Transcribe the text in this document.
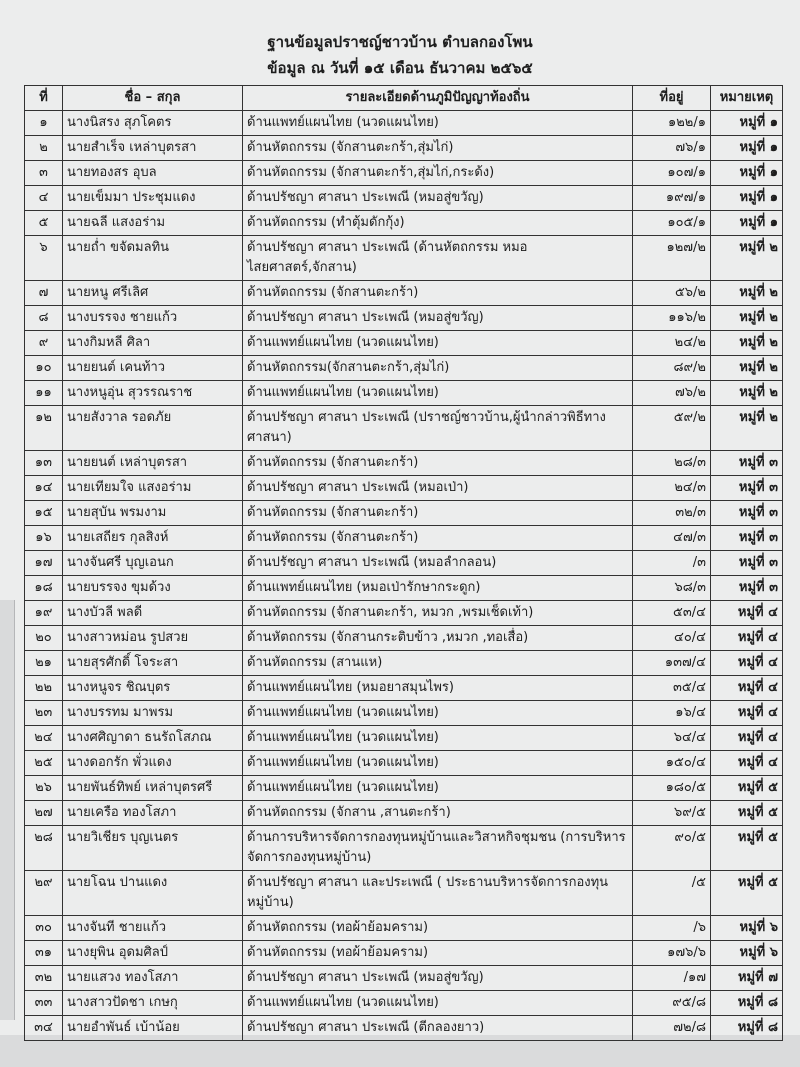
ฐานข้อมูลปราชญ์ชาวบ้าน ตำบลกองโพน
ข้อมูล ณ วันที่ ๑๕ เดือน ธันวาคม ๒๕๖๕
ที่	ชื่อ – สกุล	รายละเอียดด้านภูมิปัญญาท้องถิ่น	ที่อยู่	หมายเหตุ
๑	นางนิสรง สุภโคตร	ด้านแพทย์แผนไทย (นวดแผนไทย)	๑๒๒/๑	หมู่ที่ ๑
๒	นายสำเร็จ เหล่าบุตรสา	ด้านหัตถกรรม (จักสานตะกร้า,สุ่มไก่)	๗๖/๑	หมู่ที่ ๑
๓	นายทองสร อุบล	ด้านหัตถกรรม (จักสานตะกร้า,สุ่มไก่,กระด้ง)	๑๐๗/๑	หมู่ที่ ๑
๔	นายเข็มมา ประชุมแดง	ด้านปรัชญา ศาสนา ประเพณี (หมอสู่ขวัญ)	๑๙๗/๑	หมู่ที่ ๑
๕	นายฉลี แสงอร่าม	ด้านหัตถกรรม (ทำตุ้มดักกุ้ง)	๑๐๕/๑	หมู่ที่ ๑
๖	นายถ่ำ ขจัดมลทิน	ด้านปรัชญา ศาสนา ประเพณี (ด้านหัตถกรรม หมอไสยศาสตร์,จักสาน)	๑๒๗/๒	หมู่ที่ ๒
๗	นายหนู ศรีเลิศ	ด้านหัตถกรรม (จักสานตะกร้า)	๕๖/๒	หมู่ที่ ๒
๘	นางบรรจง ชายแก้ว	ด้านปรัชญา ศาสนา ประเพณี (หมอสู่ขวัญ)	๑๑๖/๒	หมู่ที่ ๒
๙	นางกิมหลี ศิลา	ด้านแพทย์แผนไทย (นวดแผนไทย)	๒๔/๒	หมู่ที่ ๒
๑๐	นายยนต์ เคนท้าว	ด้านหัตถกรรม(จักสานตะกร้า,สุ่มไก่)	๘๙/๒	หมู่ที่ ๒
๑๑	นางหนูอุ่น สุวรรณราช	ด้านแพทย์แผนไทย (นวดแผนไทย)	๗๖/๒	หมู่ที่ ๒
๑๒	นายสังวาล รอดภัย	ด้านปรัชญา ศาสนา ประเพณี (ปราชญ์ชาวบ้าน,ผู้นำกล่าวพิธีทางศาสนา)	๕๙/๒	หมู่ที่ ๒
๑๓	นายยนต์ เหล่าบุตรสา	ด้านหัตถกรรม (จักสานตะกร้า)	๒๘/๓	หมู่ที่ ๓
๑๔	นายเทียมใจ แสงอร่าม	ด้านปรัชญา ศาสนา ประเพณี (หมอเป่า)	๒๔/๓	หมู่ที่ ๓
๑๕	นายสุบัน พรมงาม	ด้านหัตถกรรม (จักสานตะกร้า)	๓๒/๓	หมู่ที่ ๓
๑๖	นายเสถียร กุลสิงห์	ด้านหัตถกรรม (จักสานตะกร้า)	๔๗/๓	หมู่ที่ ๓
๑๗	นางจันศรี บุญเอนก	ด้านปรัชญา ศาสนา ประเพณี (หมอลำกลอน)	/๓	หมู่ที่ ๓
๑๘	นายบรรจง ขุมด้วง	ด้านแพทย์แผนไทย (หมอเป่ารักษากระดูก)	๖๘/๓	หมู่ที่ ๓
๑๙	นางบัวลี พลดี	ด้านหัตถกรรม (จักสานตะกร้า, หมวก ,พรมเช็ดเท้า)	๕๓/๔	หมู่ที่ ๔
๒๐	นางสาวหม่อน รูปสวย	ด้านหัตถกรรม (จักสานกระติบข้าว ,หมวก ,ทอเสื่อ)	๔๐/๔	หมู่ที่ ๔
๒๑	นายสุรศักดิ์ โจระสา	ด้านหัตถกรรม (สานแห)	๑๓๗/๔	หมู่ที่ ๔
๒๒	นางหนูจร ชิณบุตร	ด้านแพทย์แผนไทย (หมอยาสมุนไพร)	๓๕/๔	หมู่ที่ ๔
๒๓	นางบรรทม มาพรม	ด้านแพทย์แผนไทย (นวดแผนไทย)	๑๖/๔	หมู่ที่ ๔
๒๔	นางศศิญาดา ธนรัถโสภณ	ด้านแพทย์แผนไทย (นวดแผนไทย)	๖๔/๔	หมู่ที่ ๔
๒๕	นางดอกรัก พั่วแดง	ด้านแพทย์แผนไทย (นวดแผนไทย)	๑๕๐/๔	หมู่ที่ ๔
๒๖	นายพันธ์ทิพย์ เหล่าบุตรศรี	ด้านแพทย์แผนไทย (นวดแผนไทย)	๑๘๐/๕	หมู่ที่ ๕
๒๗	นายเครือ ทองโสภา	ด้านหัตถกรรม (จักสาน ,สานตะกร้า)	๖๙/๕	หมู่ที่ ๕
๒๘	นายวิเชียร บุญเนตร	ด้านการบริหารจัดการกองทุนหมู่บ้านและวิสาหกิจชุมชน (การบริหารจัดการกองทุนหมู่บ้าน)	๙๐/๕	หมู่ที่ ๕
๒๙	นายโฉน ปานแดง	ด้านปรัชญา ศาสนา และประเพณี ( ประธานบริหารจัดการกองทุนหมู่บ้าน)	/๕	หมู่ที่ ๕
๓๐	นางจันที ชายแก้ว	ด้านหัตถกรรม (ทอผ้าย้อมคราม)	/๖	หมู่ที่ ๖
๓๑	นางยุพิน อุดมศิลป์	ด้านหัตถกรรม (ทอผ้าย้อมคราม)	๑๗๖/๖	หมู่ที่ ๖
๓๒	นายแสวง ทองโสภา	ด้านปรัชญา ศาสนา ประเพณี (หมอสู่ขวัญ)	/๑๗	หมู่ที่ ๗
๓๓	นางสาวปัดชา เกษกุ	ด้านแพทย์แผนไทย (นวดแผนไทย)	๙๕/๘	หมู่ที่ ๘
๓๔	นายอำพันธ์ เบ้าน้อย	ด้านปรัชญา ศาสนา ประเพณี (ตีกลองยาว)	๗๒/๘	หมู่ที่ ๘
